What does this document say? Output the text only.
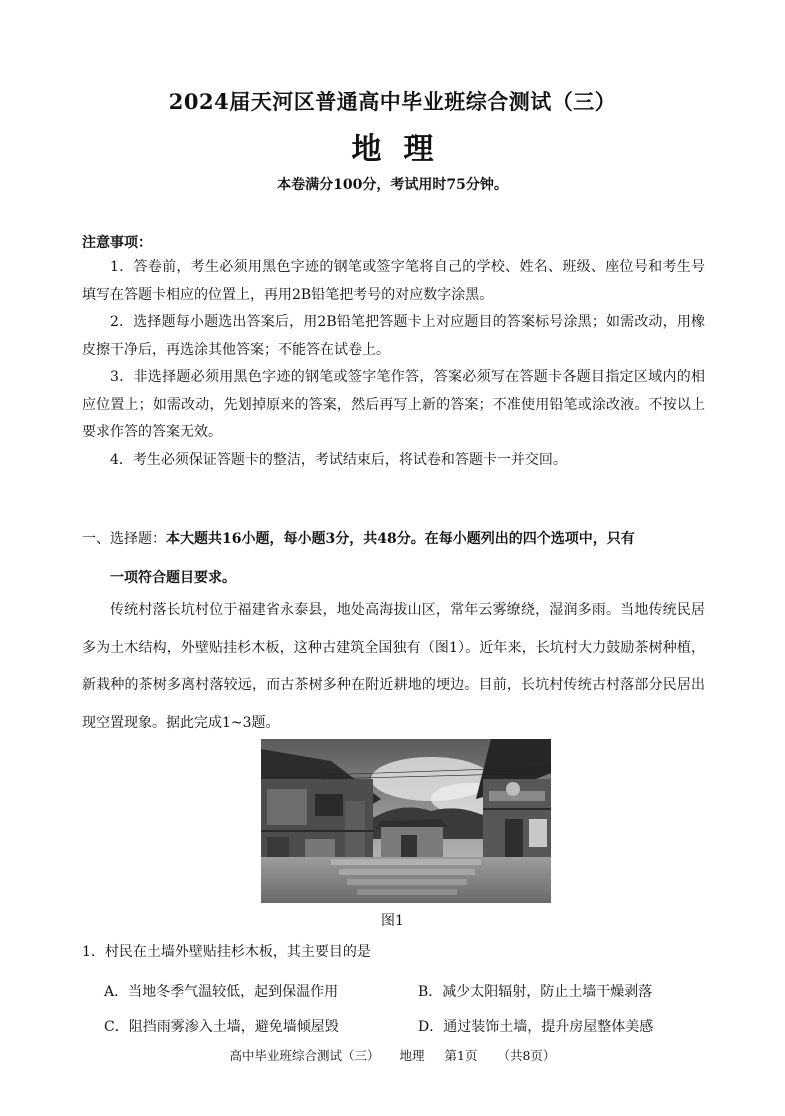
2024届天河区普通高中毕业班综合测试（三）
地理
本卷满分100分，考试用时75分钟。
注意事项：
1．答卷前，考生必须用黑色字迹的钢笔或签字笔将自己的学校、姓名、班级、座位号和考生号填写在答题卡相应的位置上，再用2B铅笔把考号的对应数字涂黑。
2．选择题每小题选出答案后，用2B铅笔把答题卡上对应题目的答案标号涂黑；如需改动，用橡皮擦干净后，再选涂其他答案；不能答在试卷上。
3．非选择题必须用黑色字迹的钢笔或签字笔作答，答案必须写在答题卡各题目指定区域内的相应位置上；如需改动，先划掉原来的答案，然后再写上新的答案；不准使用铅笔或涂改液。不按以上要求作答的答案无效。
4．考生必须保证答题卡的整洁，考试结束后，将试卷和答题卡一并交回。
一、选择题：本大题共16小题，每小题3分，共48分。在每小题列出的四个选项中，只有
一项符合题目要求。
传统村落长坑村位于福建省永泰县，地处高海拔山区，常年云雾缭绕，湿润多雨。当地传统民居多为土木结构，外壁贴挂杉木板，这种古建筑全国独有（图1）。近年来，长坑村大力鼓励茶树种植，新栽种的茶树多离村落较远，而古茶树多种在附近耕地的埂边。目前，长坑村传统古村落部分民居出现空置现象。据此完成1~3题。
图1
1．村民在土墙外壁贴挂杉木板，其主要目的是
A．当地冬季气温较低，起到保温作用	B．减少太阳辐射，防止土墙干燥剥落
C．阻挡雨雾渗入土墙，避免墙倾屋毁	D．通过装饰土墙，提升房屋整体美感
高中毕业班综合测试（三） 地理 第1页 （共8页）
